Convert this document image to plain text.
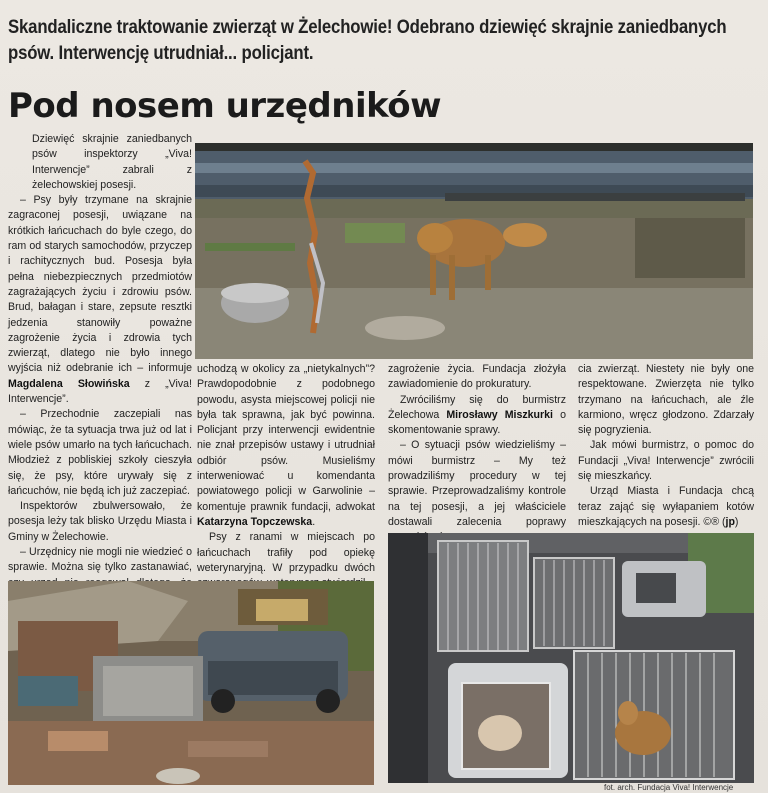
Skandaliczne traktowanie zwierząt w Żelechowie! Odebrano dziewięć skrajnie zaniedbanych psów. Interwencję utrudniał... policjant.
Pod nosem urzędników

Dziewięć skrajnie zaniedbanych psów inspektorzy „Viva! Interwencje” zabrali z żelechowskiej posesji.

– Psy były trzymane na skrajnie zagraconej posesji, uwiązane na krótkich łańcuchach do byle czego, do ram od starych samochodów, przyczep i rachitycznych bud. Posesja była pełna niebezpiecznych przedmiotów zagrażających życiu i zdrowiu psów. Brud, bałagan i stare, zepsute resztki jedzenia stanowiły poważne zagrożenie życia i zdrowia tych zwierząt, dlatego nie było innego wyjścia niż odebranie ich – informuje Magdalena Słowińska z „Viva! Interwencje”.

– Przechodnie zaczepiali nas mówiąc, że ta sytuacja trwa już od lat i wiele psów umarło na tych łańcuchach. Młodzież z pobliskiej szkoły cieszyła się, że psy, które urywały się z łańcuchów, nie będą ich już zaczepiać.

Inspektorów zbulwersowało, że posesja leży tak blisko Urzędu Miasta i Gminy w Żelechowie.

– Urzędnicy nie mogli nie wiedzieć o sprawie. Można się tylko zastanawiać,

uchodzą w okolicy za „nietykalnych”? Prawdopodobnie z podobnego powodu, asysta miejscowej policji nie była tak sprawna, jak być powinna. Policjant przy interwencji ewidentnie nie znał przepisów ustawy i utrudniał odbiór psów. Musieliśmy interweniować u komendanta powiatowego policji w Garwolinie – komentuje prawnik fundacji, adwokat Katarzyna Topczewska.

Psy z ranami w miejscach po łańcuchach trafiły pod opiekę weterynaryjną. W przypadku dwóch

zagrożenie życia. Fundacja złożyła zawiadomienie do prokuratury.

Zwróciliśmy się do burmistrz Żelechowa Mirosławy Miszkurki o skomentowanie sprawy.

– O sytuacji psów wiedzieliśmy – mówi burmistrz – My też prowadziliśmy procedury w tej sprawie. Przeprowadzaliśmy kontrole na tej posesji, a jej właściciele dostawali zalecenia poprawy

cia zwierząt. Niestety nie były one respektowane. Zwierzęta nie tylko trzymano na łańcuchach, ale źle karmiono, wręcz głodzono. Zdarzały się pogryzienia.

Jak mówi burmistrz, o pomoc do Fundacji „Viva! Interwencje” zwrócili się mieszkańcy.

Urząd Miasta i Fundacja chcą teraz zająć się wyłapaniem kotów mieszkających na posesji. ©® (jp)

fot. arch. Fundacja Viva! Interwencje
